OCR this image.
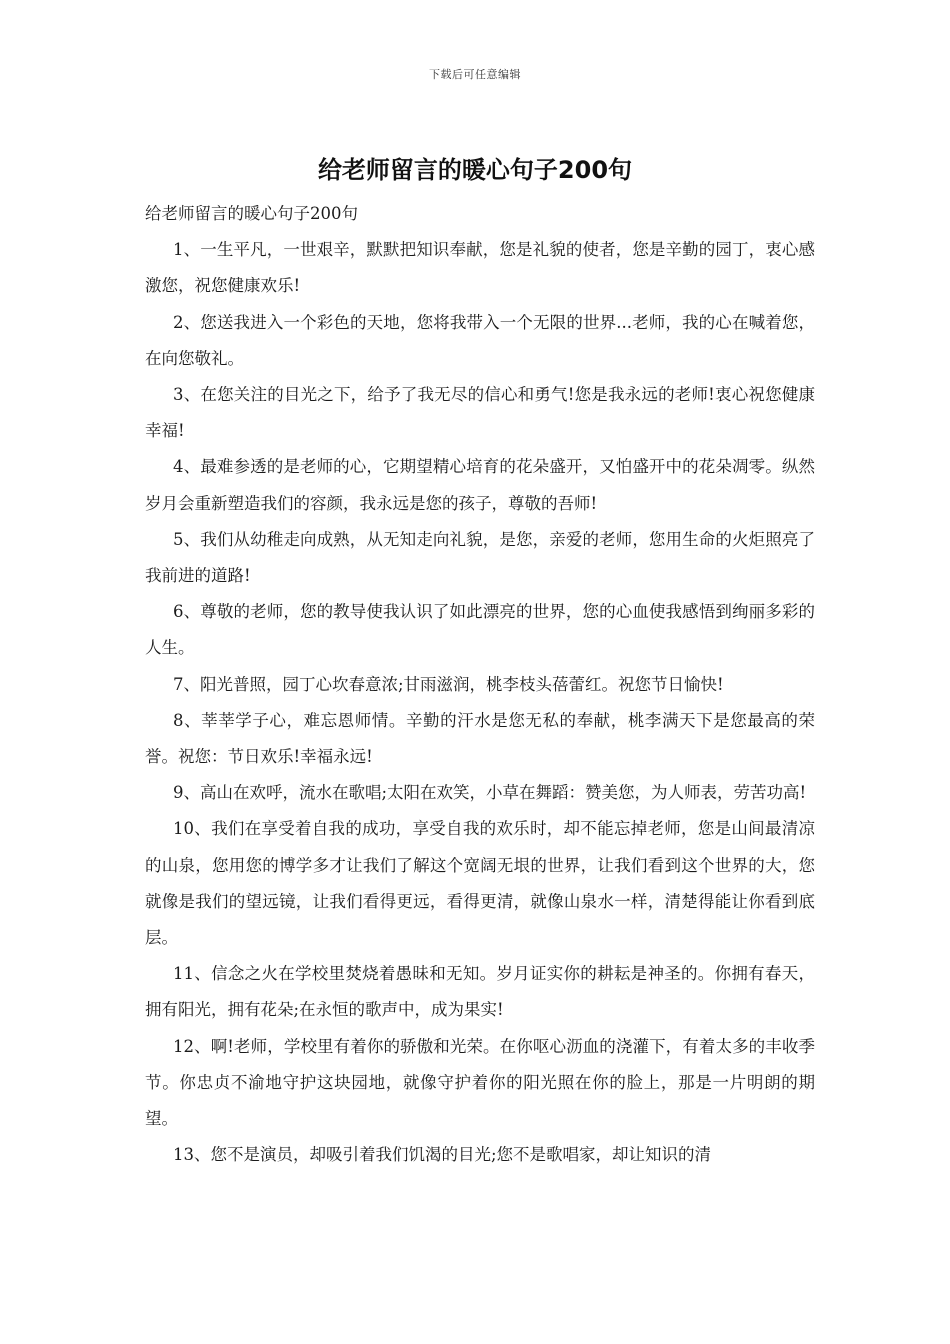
下载后可任意编辑
给老师留言的暖心句子200句

给老师留言的暖心句子200句

1、一生平凡，一世艰辛，默默把知识奉献，您是礼貌的使者，您是辛勤的园丁，衷心感激您，祝您健康欢乐!

2、您送我进入一个彩色的天地，您将我带入一个无限的世界...老师，我的心在喊着您，在向您敬礼。

3、在您关注的目光之下，给予了我无尽的信心和勇气!您是我永远的老师!衷心祝您健康幸福!

4、最难参透的是老师的心，它期望精心培育的花朵盛开，又怕盛开中的花朵凋零。纵然岁月会重新塑造我们的容颜，我永远是您的孩子，尊敬的吾师!

5、我们从幼稚走向成熟，从无知走向礼貌，是您，亲爱的老师，您用生命的火炬照亮了我前进的道路!

6、尊敬的老师，您的教导使我认识了如此漂亮的世界，您的心血使我感悟到绚丽多彩的人生。

7、阳光普照，园丁心坎春意浓;甘雨滋润，桃李枝头蓓蕾红。祝您节日愉快!

8、莘莘学子心，难忘恩师情。辛勤的汗水是您无私的奉献，桃李满天下是您最高的荣誉。祝您：节日欢乐!幸福永远!

9、高山在欢呼，流水在歌唱;太阳在欢笑，小草在舞蹈：赞美您，为人师表，劳苦功高!

10、我们在享受着自我的成功，享受自我的欢乐时，却不能忘掉老师，您是山间最清凉的山泉，您用您的博学多才让我们了解这个宽阔无垠的世界，让我们看到这个世界的大，您就像是我们的望远镜，让我们看得更远，看得更清，就像山泉水一样，清楚得能让你看到底层。

11、信念之火在学校里焚烧着愚昧和无知。岁月证实你的耕耘是神圣的。你拥有春天，拥有阳光，拥有花朵;在永恒的歌声中，成为果实!

12、啊!老师，学校里有着你的骄傲和光荣。在你呕心沥血的浇灌下，有着太多的丰收季节。你忠贞不渝地守护这块园地，就像守护着你的阳光照在你的脸上，那是一片明朗的期望。

13、您不是演员，却吸引着我们饥渴的目光;您不是歌唱家，却让知识的清
